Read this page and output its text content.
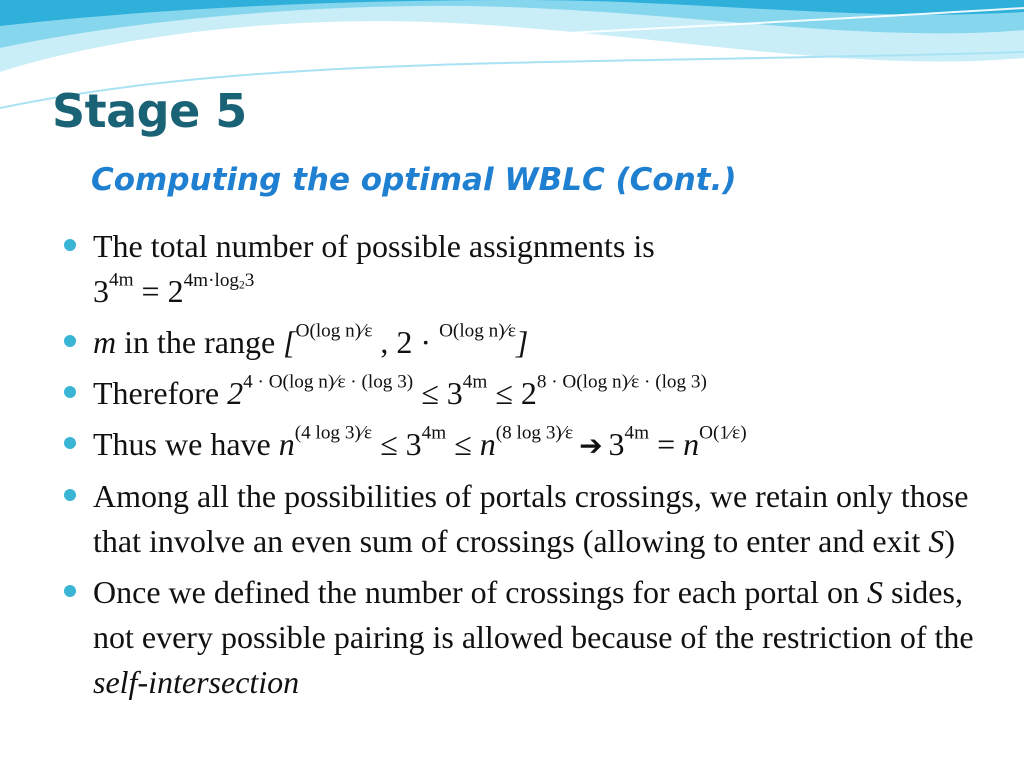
Stage 5
Computing the optimal WBLC (Cont.)
The total number of possible assignments is
$3^{4m} = 2^{4m\cdot log_23}$
m in the range [$^{O(log n)⁄\varepsilon}$ , 2 · $^{O(log n)⁄\varepsilon}$]
Therefore $2^{4 \cdot O(log n)⁄\varepsilon \cdot (log 3)} \le 3^{4m} \le 2^{8 \cdot O(log n)⁄\varepsilon \cdot (log 3)}$
Thus we have $n^{(4 log 3)⁄\varepsilon} \le 3^{4m} \le n^{(8 log 3)⁄\varepsilon}$ ➔ $3^{4m} = n^{O(1⁄\varepsilon)}$
Among all the possibilities of portals crossings, we retain only those that involve an even sum of crossings (allowing to enter and exit S)
Once we defined the number of crossings for each portal on S sides, not every possible pairing is allowed because of the restriction of the self-intersection
